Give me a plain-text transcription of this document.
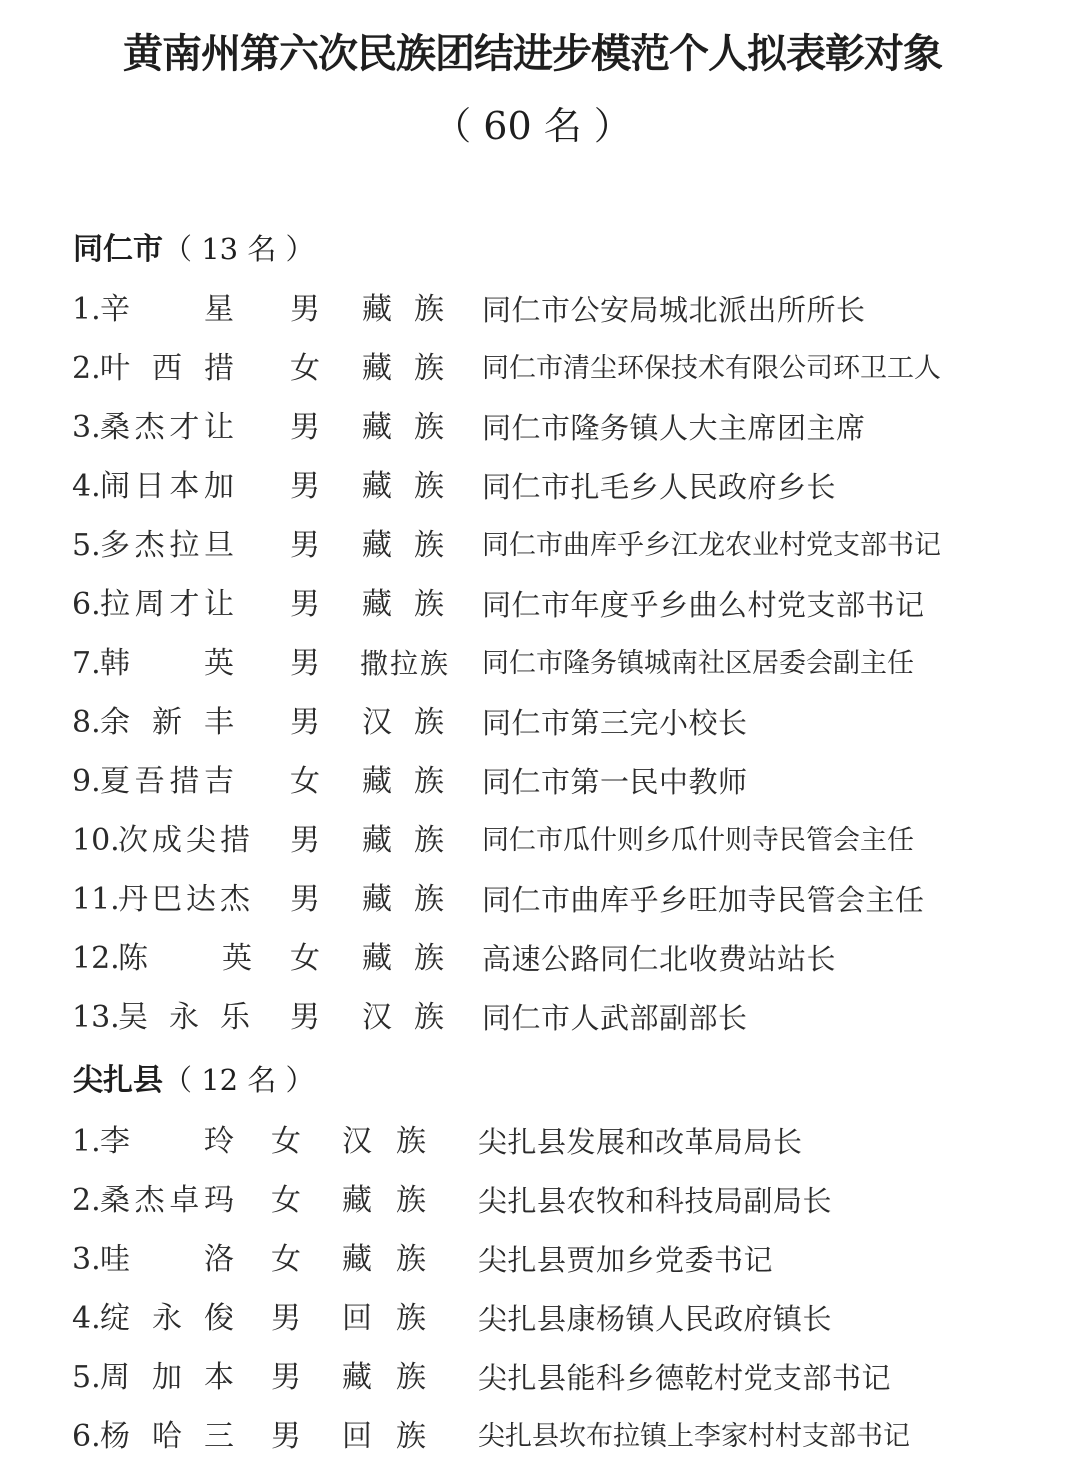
黄南州第六次民族团结进步模范个人拟表彰对象
（ 60 名 ）
同仁市（ 13 名 ）
1. 辛星 男 藏族 同仁市公安局城北派出所所长
2. 叶西措 女 藏族 同仁市清尘环保技术有限公司环卫工人
3. 桑杰才让 男 藏族 同仁市隆务镇人大主席团主席
4. 闹日本加 男 藏族 同仁市扎毛乡人民政府乡长
5. 多杰拉旦 男 藏族 同仁市曲库乎乡江龙农业村党支部书记
6. 拉周才让 男 藏族 同仁市年度乎乡曲么村党支部书记
7. 韩英 男 撒拉族 同仁市隆务镇城南社区居委会副主任
8. 余新丰 男 汉族 同仁市第三完小校长
9. 夏吾措吉 女 藏族 同仁市第一民中教师
10.
次成尖措 男 藏族 同仁市瓜什则乡瓜什则寺民管会主任
11.
丹巴达杰 男 藏族 同仁市曲库乎乡旺加寺民管会主任
12.
陈英 女 藏族 高速公路同仁北收费站站长
13.
吴永乐 男 汉族 同仁市人武部副部长
尖扎县（ 12 名 ）
1. 李玲 女 汉族 尖扎县发展和改革局局长
2. 桑杰卓玛 女 藏族 尖扎县农牧和科技局副局长
3. 哇洛 女 藏族 尖扎县贾加乡党委书记
4. 绽永俊 男 回族 尖扎县康杨镇人民政府镇长
5. 周加本 男 藏族 尖扎县能科乡德乾村党支部书记
6. 杨哈三 男 回族 尖扎县坎布拉镇上李家村村支部书记
